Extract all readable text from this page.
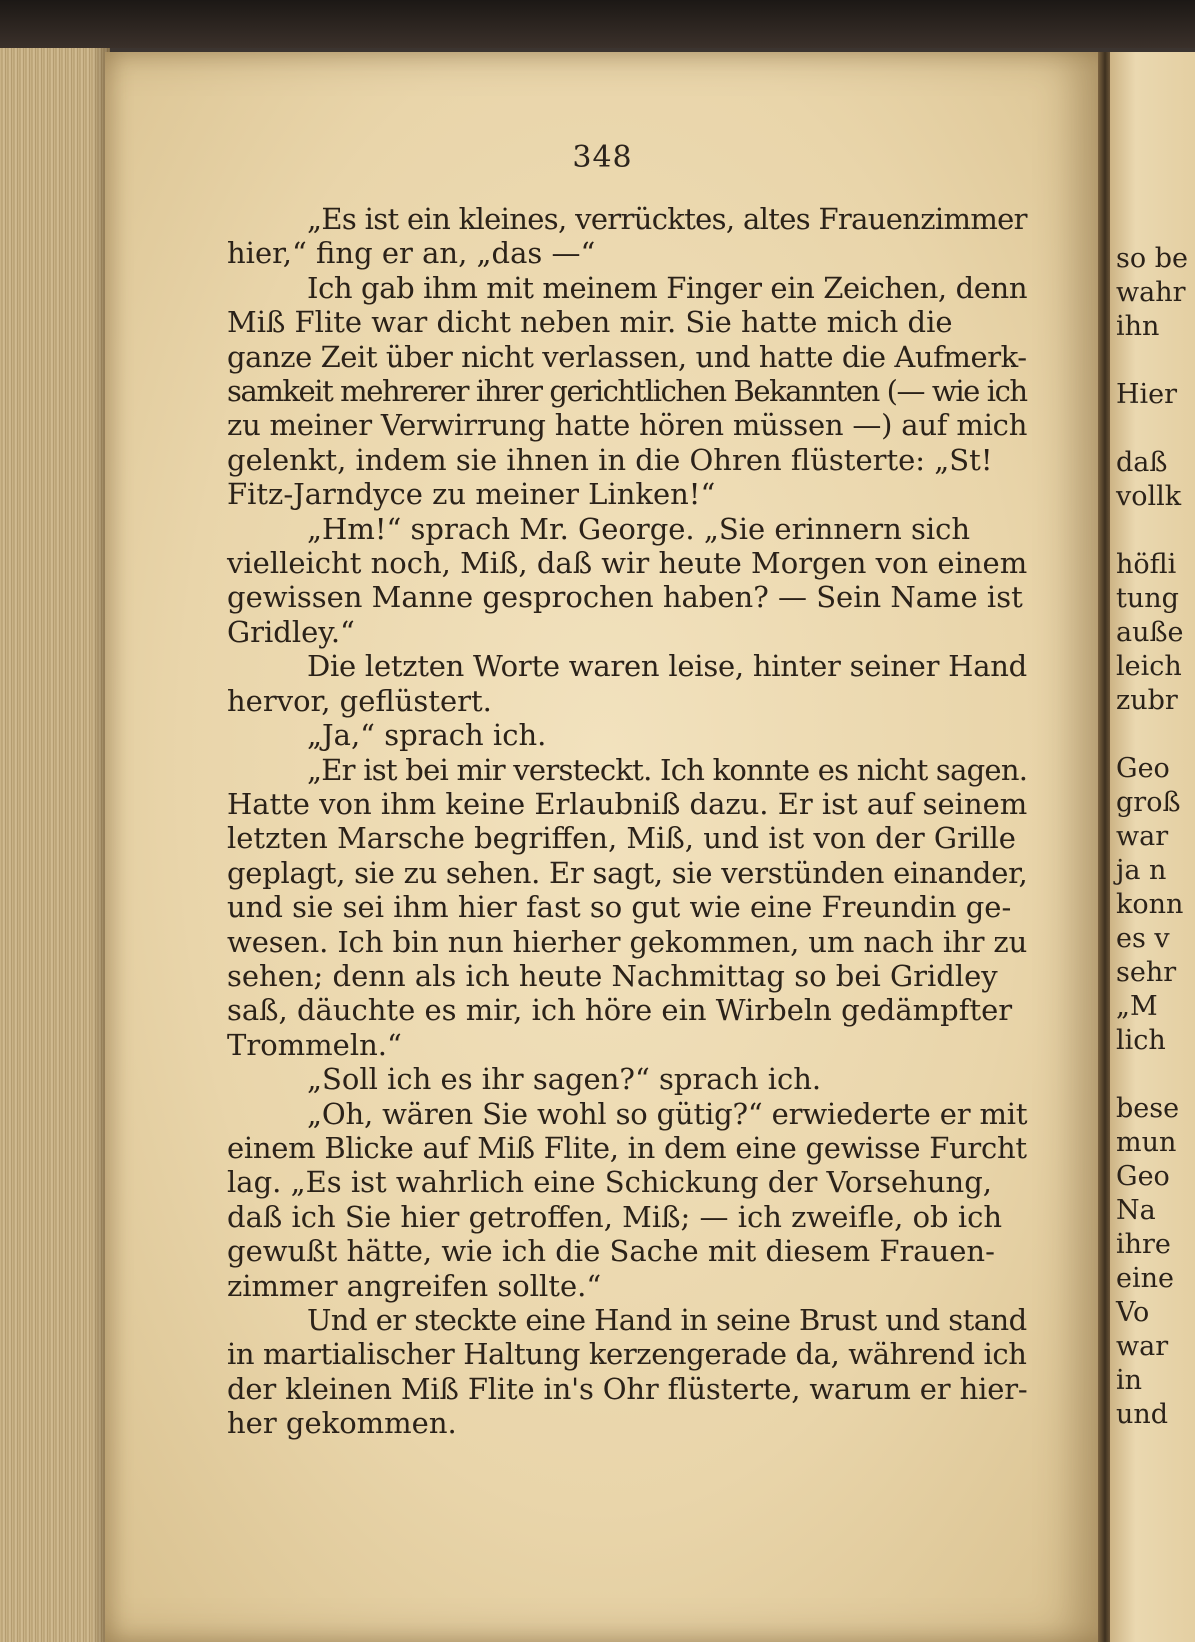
348
„Es ist ein kleines, verrücktes, altes Frauenzimmer
hier,“ fing er an, „das —“
Ich gab ihm mit meinem Finger ein Zeichen, denn
Miß Flite war dicht neben mir. Sie hatte mich die
ganze Zeit über nicht verlassen, und hatte die Aufmerk-
samkeit mehrerer ihrer gerichtlichen Bekannten (— wie ich
zu meiner Verwirrung hatte hören müssen —) auf mich
gelenkt, indem sie ihnen in die Ohren flüsterte: „St!
Fitz-Jarndyce zu meiner Linken!“
„Hm!“ sprach Mr. George. „Sie erinnern sich
vielleicht noch, Miß, daß wir heute Morgen von einem
gewissen Manne gesprochen haben? — Sein Name ist
Gridley.“
Die letzten Worte waren leise, hinter seiner Hand
hervor, geflüstert.
„Ja,“ sprach ich.
„Er ist bei mir versteckt. Ich konnte es nicht sagen.
Hatte von ihm keine Erlaubniß dazu. Er ist auf seinem
letzten Marsche begriffen, Miß, und ist von der Grille
geplagt, sie zu sehen. Er sagt, sie verstünden einander,
und sie sei ihm hier fast so gut wie eine Freundin ge-
wesen. Ich bin nun hierher gekommen, um nach ihr zu
sehen; denn als ich heute Nachmittag so bei Gridley
saß, däuchte es mir, ich höre ein Wirbeln gedämpfter
Trommeln.“
„Soll ich es ihr sagen?“ sprach ich.
„Oh, wären Sie wohl so gütig?“ erwiederte er mit
einem Blicke auf Miß Flite, in dem eine gewisse Furcht
lag. „Es ist wahrlich eine Schickung der Vorsehung,
daß ich Sie hier getroffen, Miß; — ich zweifle, ob ich
gewußt hätte, wie ich die Sache mit diesem Frauen-
zimmer angreifen sollte.“
Und er steckte eine Hand in seine Brust und stand
in martialischer Haltung kerzengerade da, während ich
der kleinen Miß Flite in's Ohr flüsterte, warum er hier-
her gekommen.
so be
wahr
ihn
Hier
daß
vollk
höfli
tung
auße
leich
zubr
Geo
groß
war
ja n
konn
es v
sehr
„M
lich
bese
mun
Geo
Na
ihre
eine
Vo
war
in
und
